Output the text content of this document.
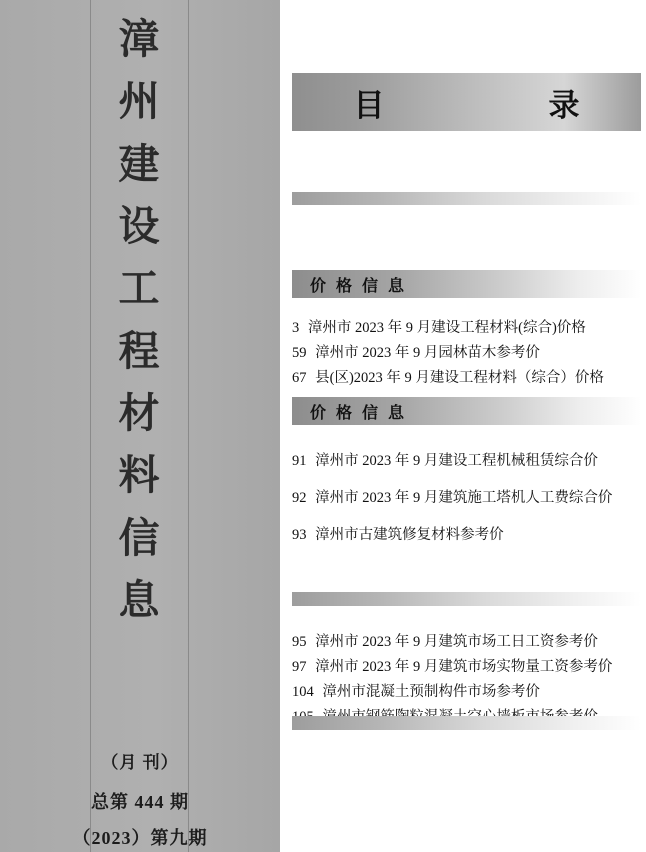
漳
州
建
设
工
程
材
料
信
息
（月 刊）
总第 444 期
（2023）第九期
目　　录
价 格 信 息
3 漳州市 2023 年 9 月建设工程材料(综合)价格
59 漳州市 2023 年 9 月园林苗木参考价
67 县(区)2023 年 9 月建设工程材料（综合）价格
价 格 信 息
91 漳州市 2023 年 9 月建设工程机械租赁综合价
92 漳州市 2023 年 9 月建筑施工塔机人工费综合价
93 漳州市古建筑修复材料参考价
95 漳州市 2023 年 9 月建筑市场工日工资参考价
97 漳州市 2023 年 9 月建筑市场实物量工资参考价
104 漳州市混凝土预制构件市场参考价
